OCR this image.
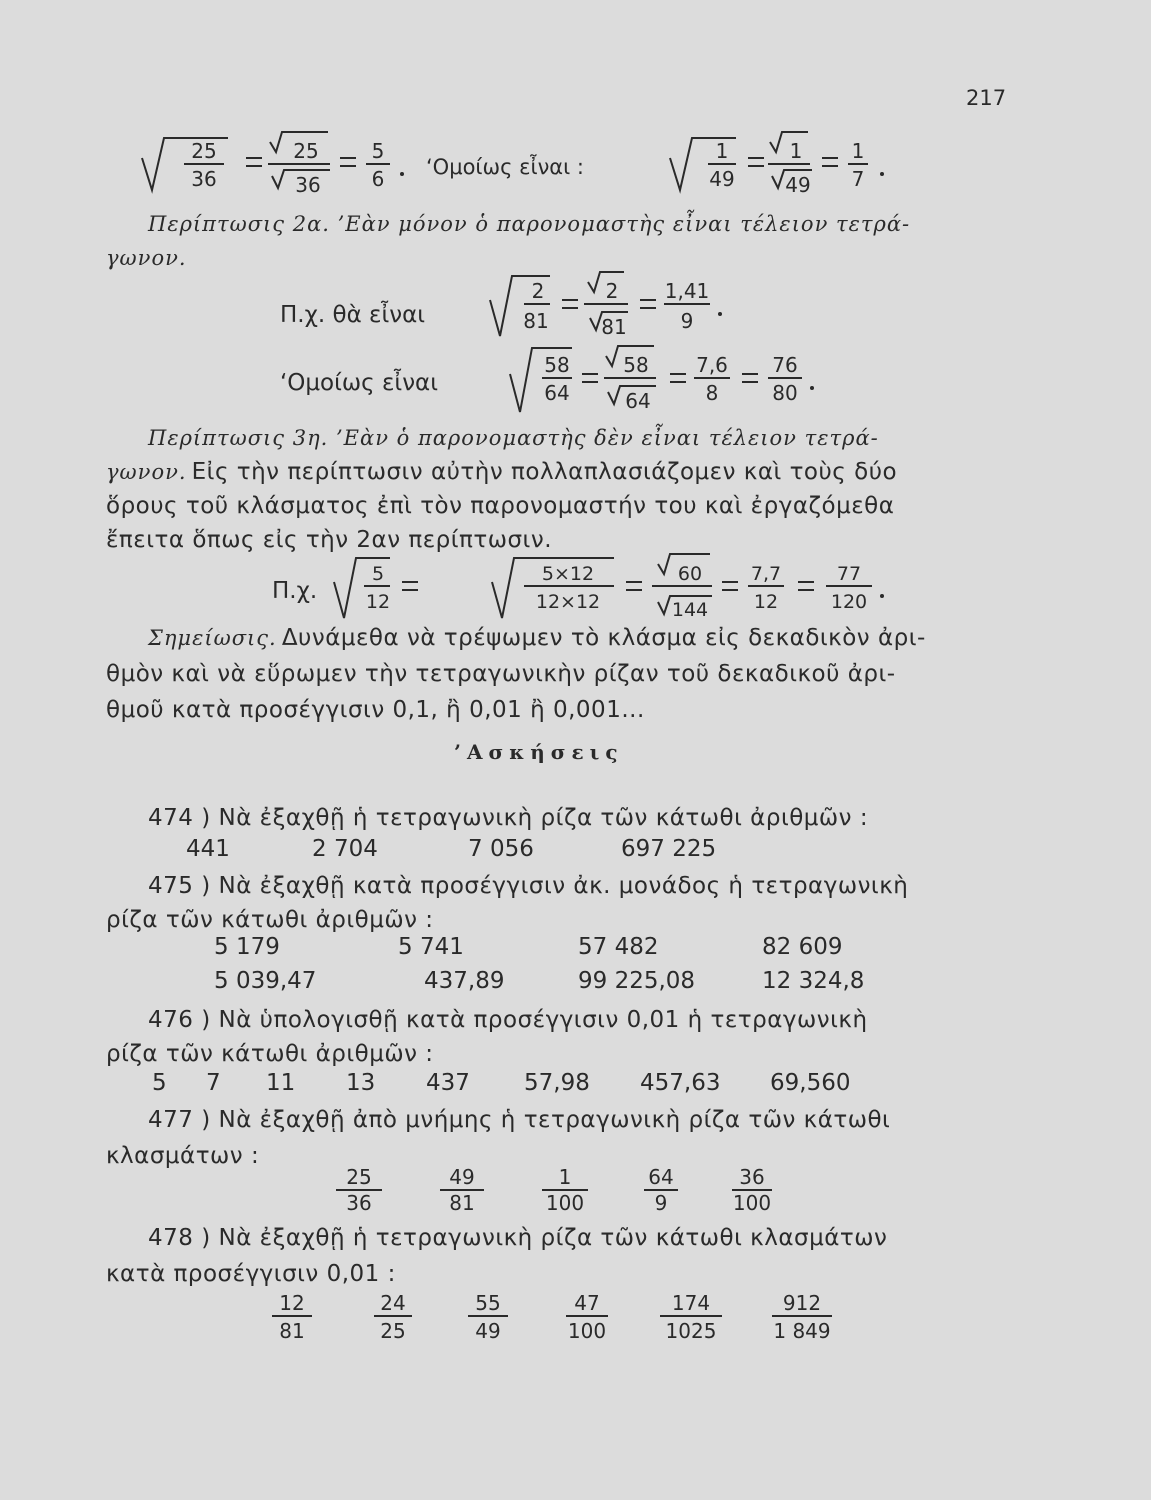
217
25
36
25
36
5
6 ‘Ομοίως εἶναι :
1
49
1
49
1
7
Περίπτωσις 2α. ’Εὰν μόνον ὁ παρονομαστὴς εἶναι τέλειον τετρά-
γωνον.
Π.χ. θὰ εἶναι
2
81
2
81
1,41
9
‘Ομοίως εἶναι
58
64
58
64
7,6
8
76
80
Περίπτωσις 3η. ’Εὰν ὁ παρονομαστὴς δὲν εἶναι τέλειον τετρά-
γωνον. Εἰς τὴν περίπτωσιν αὐτὴν πολλαπλασιάζομεν καὶ τοὺς δύο
ὅρους τοῦ κλάσματος ἐπὶ τὸν παρονομαστήν του καὶ ἐργαζόμεθα
ἔπειτα ὅπως εἰς τὴν 2αν περίπτωσιν.
Π.χ.
5
12
5×12
12×12
60
144
7,7
12
77
120
Σημείωσις. Δυνάμεθα νὰ τρέψωμεν τὸ κλάσμα εἰς δεκαδικὸν ἀρι-
θμὸν καὶ νὰ εὕρωμεν τὴν τετραγωνικὴν ρίζαν τοῦ δεκαδικοῦ ἀρι-
θμοῦ κατὰ προσέγγισιν 0,1, ἢ 0,01 ἢ 0,001...
’Ασκήσεις
474 ) Νὰ ἐξαχθῇ ἡ τετραγωνικὴ ρίζα τῶν κάτωθι ἀριθμῶν :
441	2 704	7 056	697 225
475 ) Νὰ ἐξαχθῇ κατὰ προσέγγισιν ἀκ. μονάδος ἡ τετραγωνικὴ
ρίζα τῶν κάτωθι ἀριθμῶν :
5 179	5 741	57 482	82 609
5 039,47	437,89	99 225,08	12 324,8
476 ) Νὰ ὑπολογισθῇ κατὰ προσέγγισιν 0,01 ἡ τετραγωνικὴ
ρίζα τῶν κάτωθι ἀριθμῶν :
5 7 11 13 437 57,98 457,63 69,560
477 ) Νὰ ἐξαχθῇ ἀπὸ μνήμης ἡ τετραγωνικὴ ρίζα τῶν κάτωθι
κλασμάτων :
25
36
49
81
1
100
64
9
36
100
478 ) Νὰ ἐξαχθῇ ἡ τετραγωνικὴ ρίζα τῶν κάτωθι κλασμάτων
κατὰ προσέγγισιν 0,01 :
12
81
24
25
55
49
47
100
174
1025
912
1 849
